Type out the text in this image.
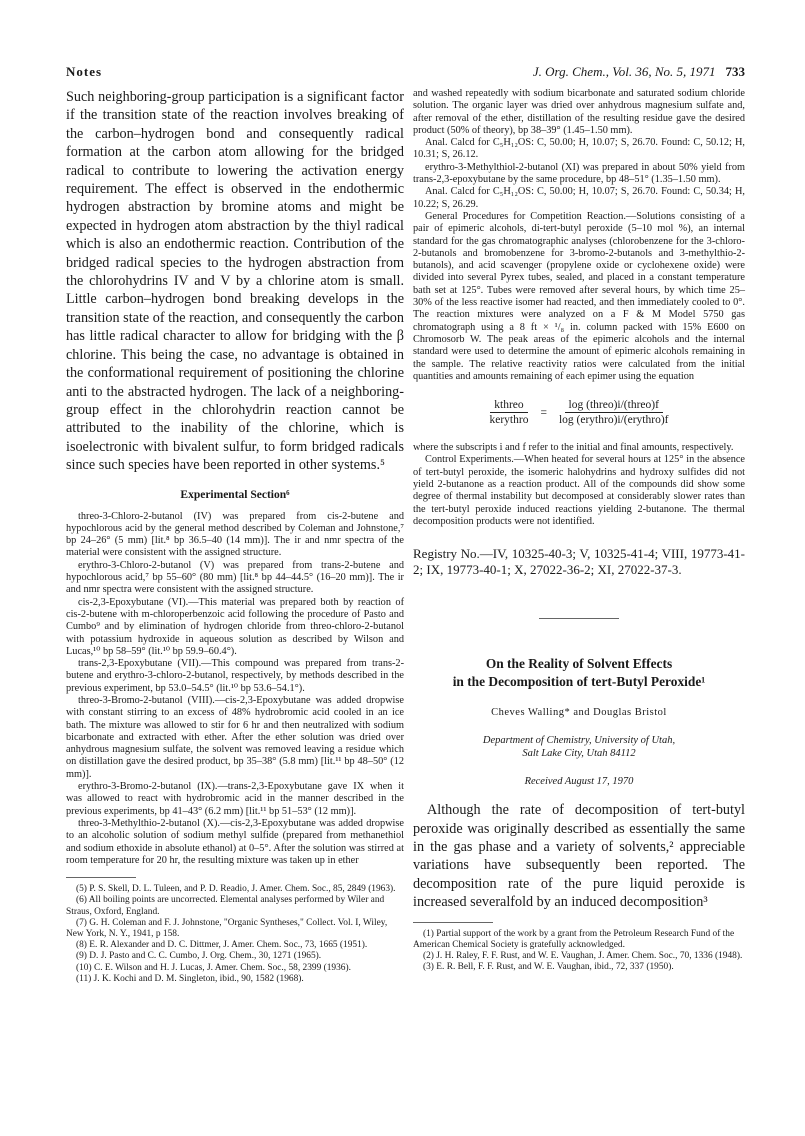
Notes	J. Org. Chem., Vol. 36, No. 5, 1971 733

Such neighboring-group participation is a significant factor if the transition state of the reaction involves breaking of the carbon–hydrogen bond and consequently radical formation at the carbon atom allowing for the bridged radical to contribute to lowering the activation energy requirement. The effect is observed in the endothermic hydrogen abstraction by bromine atoms and might be expected in hydrogen atom abstraction by the thiyl radical which is also an endothermic reaction. Contribution of the bridged radical species to the hydrogen abstraction from the chlorohydrins IV and V by a chlorine atom is small. Little carbon–hydrogen bond breaking develops in the transition state of the reaction, and consequently the carbon has little radical character to allow for bridging with the β chlorine. This being the case, no advantage is obtained in the conformational requirement of positioning the chlorine anti to the abstracted hydrogen. The lack of a neighboring-group effect in the chlorohydrin reaction cannot be attributed to the inability of the chlorine, which is isoelectronic with bivalent sulfur, to form bridged radicals since such species have been reported in other systems.⁵

Experimental Section⁶

threo-3-Chloro-2-butanol (IV) was prepared from cis-2-butene and hypochlorous acid by the general method described by Coleman and Johnstone,⁷ bp 24–26° (5 mm) [lit.⁸ bp 36.5–40 (14 mm)]. The ir and nmr spectra of the material were consistent with the assigned structure.

erythro-3-Chloro-2-butanol (V) was prepared from trans-2-butene and hypochlorous acid,⁷ bp 55–60° (80 mm) [lit.⁸ bp 44–44.5° (16–20 mm)]. The ir and nmr spectra were consistent with the assigned structure.

cis-2,3-Epoxybutane (VI).—This material was prepared both by reaction of cis-2-butene with m-chloroperbenzoic acid following the procedure of Pasto and Cumbo⁹ and by elimination of hydrogen chloride from threo-chloro-2-butanol with potassium hydroxide in aqueous solution as described by Wilson and Lucas,¹⁰ bp 58–59° (lit.¹⁰ bp 59.9–60.4°).

trans-2,3-Epoxybutane (VII).—This compound was prepared from trans-2-butene and erythro-3-chloro-2-butanol, respectively, by methods described in the previous experiment, bp 53.0–54.5° (lit.¹⁰ bp 53.6–54.1°).

threo-3-Bromo-2-butanol (VIII).—cis-2,3-Epoxybutane was added dropwise with constant stirring to an excess of 48% hydrobromic acid cooled in an ice bath. The mixture was allowed to stir for 6 hr and then neutralized with sodium bicarbonate and extracted with ether. After the ether solution was dried over anhydrous magnesium sulfate, the solvent was removed leaving a residue which on distillation gave the desired product, bp 35–38° (5.8 mm) [lit.¹¹ bp 48–50° (12 mm)].

erythro-3-Bromo-2-butanol (IX).—trans-2,3-Epoxybutane gave IX when it was allowed to react with hydrobromic acid in the manner described in the previous experiments, bp 41–43° (6.2 mm) [lit.¹¹ bp 51–53° (12 mm)].

threo-3-Methylthio-2-butanol (X).—cis-2,3-Epoxybutane was added dropwise to an alcoholic solution of sodium methyl sulfide (prepared from methanethiol and sodium ethoxide in absolute ethanol) at 0–5°. After the solution was stirred at room temperature for 20 hr, the resulting mixture was taken up in ether

(5) P. S. Skell, D. L. Tuleen, and P. D. Readio, J. Amer. Chem. Soc., 85, 2849 (1963).

(6) All boiling points are uncorrected. Elemental analyses performed by Wiler and Straus, Oxford, England.

(7) G. H. Coleman and F. J. Johnstone, "Organic Syntheses," Collect. Vol. I, Wiley, New York, N. Y., 1941, p 158.

(8) E. R. Alexander and D. C. Dittmer, J. Amer. Chem. Soc., 73, 1665 (1951).

(9) D. J. Pasto and C. C. Cumbo, J. Org. Chem., 30, 1271 (1965).

(10) C. E. Wilson and H. J. Lucas, J. Amer. Chem. Soc., 58, 2399 (1936).

(11) J. K. Kochi and D. M. Singleton, ibid., 90, 1582 (1968).

and washed repeatedly with sodium bicarbonate and saturated sodium chloride solution. The organic layer was dried over anhydrous magnesium sulfate and, after removal of the ether, distillation of the resulting residue gave the desired product (50% of theory), bp 38–39° (1.45–1.50 mm).

Anal. Calcd for C₅H₁₂OS: C, 50.00; H, 10.07; S, 26.70. Found: C, 50.12; H, 10.31; S, 26.12.

erythro-3-Methylthiol-2-butanol (XI) was prepared in about 50% yield from trans-2,3-epoxybutane by the same procedure, bp 48–51° (1.35–1.50 mm).

Anal. Calcd for C₅H₁₂OS: C, 50.00; H, 10.07; S, 26.70. Found: C, 50.34; H, 10.22; S, 26.29.

General Procedures for Competition Reaction.—Solutions consisting of a pair of epimeric alcohols, di-tert-butyl peroxide (5–10 mol %), an internal standard for the gas chromatographic analyses (chlorobenzene for the 3-chloro-2-butanols and bromobenzene for 3-bromo-2-butanols and 3-methylthio-2-butanols), and acid scavenger (propylene oxide or cyclohexene oxide) were divided into several Pyrex tubes, sealed, and placed in a constant temperature bath set at 125°. Tubes were removed after several hours, by which time 25–30% of the less reactive isomer had reacted, and then immediately cooled to 0°. The reaction mixtures were analyzed on a F & M Model 5750 gas chromatograph using a 8 ft × ¹/₈ in. column packed with 15% E600 on Chromosorb W. The peak areas of the epimeric alcohols and the internal standard were used to determine the amount of epimeric alcohols remaining in the sample. The relative reactivity ratios were calculated from the initial quantities and amounts remaining of each epimer using the equation

$\frac{\text{kthreo}}{\text{kerythro}} = \frac{\text{log (threo)i/(threo)f}}{\text{log (erythro)i/(erythro)f}}$

where the subscripts i and f refer to the initial and final amounts, respectively.

Control Experiments.—When heated for several hours at 125° in the absence of tert-butyl peroxide, the isomeric halohydrins and hydroxy sulfides did not yield 2-butanone as a reaction product. All of the compounds did show some degree of thermal instability but decomposed at considerably slower rates than the tert-butyl peroxide induced reactions yielding 2-butanone. The thermal decomposition products were not identified.

Registry No.—IV, 10325-40-3; V, 10325-41-4; VIII, 19773-41-2; IX, 19773-40-1; X, 27022-36-2; XI, 27022-37-3.

On the Reality of Solvent Effects

in the Decomposition of tert-Butyl Peroxide¹

Cheves Walling* and Douglas Bristol

Department of Chemistry, University of Utah,
Salt Lake City, Utah 84112

Received August 17, 1970

Although the rate of decomposition of tert-butyl peroxide was originally described as essentially the same in the gas phase and a variety of solvents,² appreciable variations have subsequently been reported. The decomposition rate of the pure liquid peroxide is increased severalfold by an induced decomposition³

(1) Partial support of the work by a grant from the Petroleum Research Fund of the American Chemical Society is gratefully acknowledged.

(2) J. H. Raley, F. F. Rust, and W. E. Vaughan, J. Amer. Chem. Soc., 70, 1336 (1948).

(3) E. R. Bell, F. F. Rust, and W. E. Vaughan, ibid., 72, 337 (1950).
